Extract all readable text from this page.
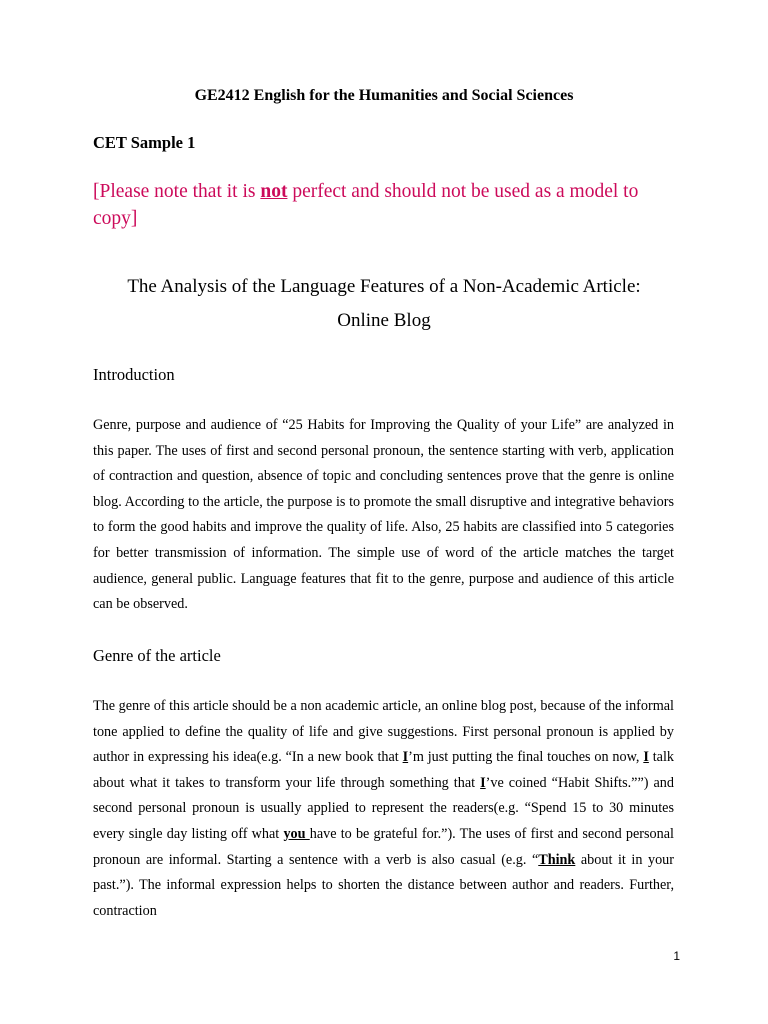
GE2412 English for the Humanities and Social Sciences
CET Sample 1
[Please note that it is not perfect and should not be used as a model to copy]
The Analysis of the Language Features of a Non-Academic Article:
Online Blog
Introduction

Genre, purpose and audience of “25 Habits for Improving the Quality of your Life” are analyzed in this paper. The uses of first and second personal pronoun, the sentence starting with verb, application of contraction and question, absence of topic and concluding sentences prove that the genre is online blog. According to the article, the purpose is to promote the small disruptive and integrative behaviors to form the good habits and improve the quality of life. Also, 25 habits are classified into 5 categories for better transmission of information. The simple use of word of the article matches the target audience, general public. Language features that fit to the genre, purpose and audience of this article can be observed.

Genre of the article

The genre of this article should be a non academic article, an online blog post, because of the informal tone applied to define the quality of life and give suggestions. First personal pronoun is applied by author in expressing his idea(e.g. “In a new book that I’m just putting the final touches on now, I talk about what it takes to transform your life through something that I’ve coined “Habit Shifts.””) and second personal pronoun is usually applied to represent the readers(e.g. “Spend 15 to 30 minutes every single day listing off what you have to be grateful for.”). The uses of first and second personal pronoun are informal. Starting a sentence with a verb is also casual (e.g. “Think about it in your past.”). The informal expression helps to shorten the distance between author and readers. Further, contraction

1
